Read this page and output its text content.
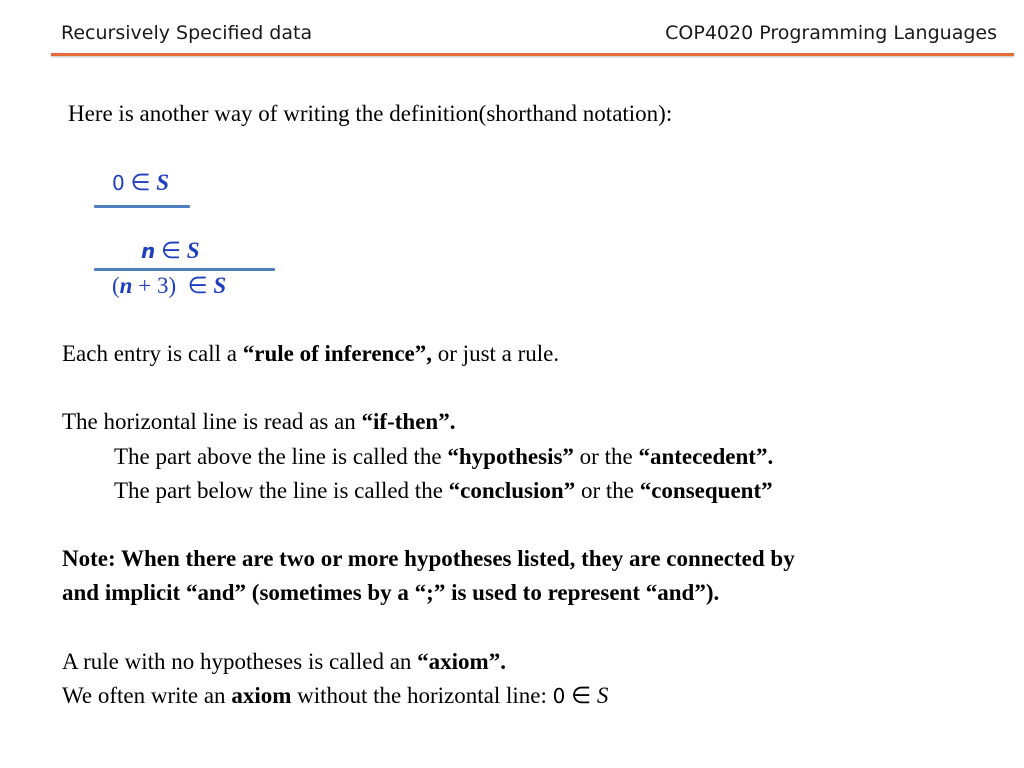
Recursively Specified data	COP4020 Programming Languages
Here is another way of writing the definition(shorthand notation):
0 ∈ S
n ∈ S
(n + 3) ∈ S
Each entry is call a “rule of inference”, or just a rule.
The horizontal line is read as an “if-then”.
The part above the line is called the “hypothesis” or the “antecedent”.
The part below the line is called the “conclusion” or the “consequent”
Note: When there are two or more hypotheses listed, they are connected by
and implicit “and” (sometimes by a “;” is used to represent “and”).
A rule with no hypotheses is called an “axiom”.
We often write an axiom without the horizontal line: 0 ∈ S
